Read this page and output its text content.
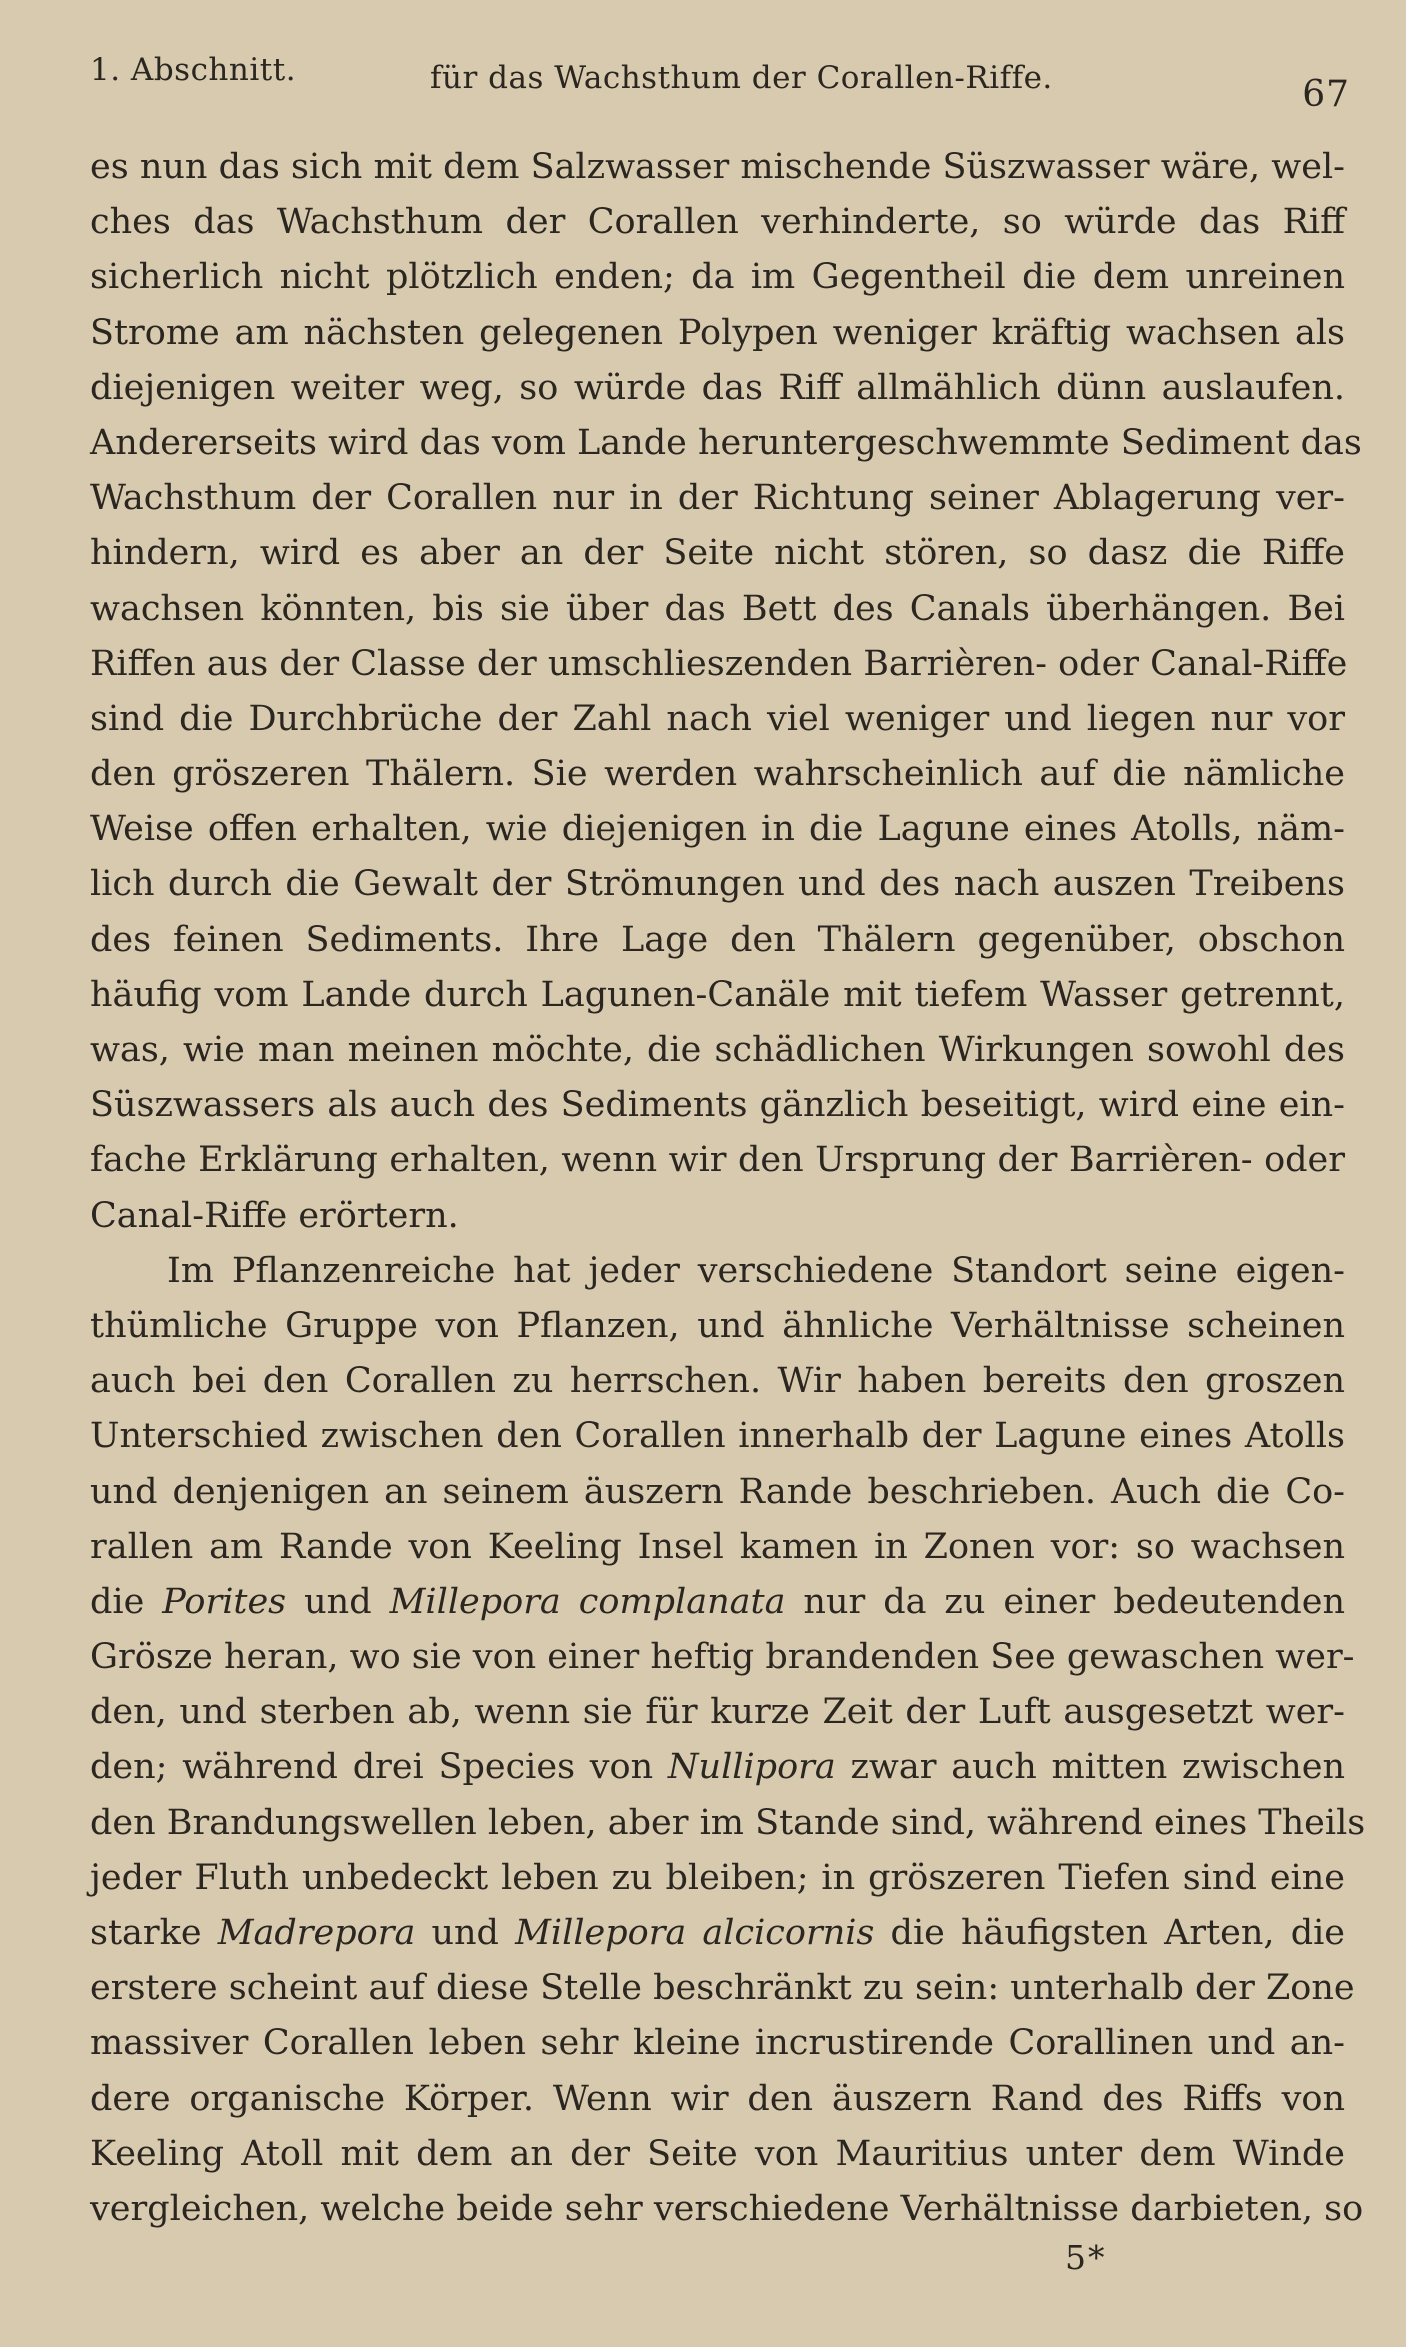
1. Abschnitt.	für das Wachsthum der Corallen-Riffe.	67
es nun das sich mit dem Salzwasser mischende Süszwasser wäre, wel-
ches das Wachsthum der Corallen verhinderte, so würde das Riff
sicherlich nicht plötzlich enden; da im Gegentheil die dem unreinen
Strome am nächsten gelegenen Polypen weniger kräftig wachsen als
diejenigen weiter weg, so würde das Riff allmählich dünn auslaufen.
Andererseits wird das vom Lande heruntergeschwemmte Sediment das
Wachsthum der Corallen nur in der Richtung seiner Ablagerung ver-
hindern, wird es aber an der Seite nicht stören, so dasz die Riffe
wachsen könnten, bis sie über das Bett des Canals überhängen. Bei
Riffen aus der Classe der umschlieszenden Barrièren- oder Canal-Riffe
sind die Durchbrüche der Zahl nach viel weniger und liegen nur vor
den gröszeren Thälern. Sie werden wahrscheinlich auf die nämliche
Weise offen erhalten, wie diejenigen in die Lagune eines Atolls, näm-
lich durch die Gewalt der Strömungen und des nach auszen Treibens
des feinen Sediments. Ihre Lage den Thälern gegenüber, obschon
häufig vom Lande durch Lagunen-Canäle mit tiefem Wasser getrennt,
was, wie man meinen möchte, die schädlichen Wirkungen sowohl des
Süszwassers als auch des Sediments gänzlich beseitigt, wird eine ein-
fache Erklärung erhalten, wenn wir den Ursprung der Barrièren- oder
Canal-Riffe erörtern.
Im Pflanzenreiche hat jeder verschiedene Standort seine eigen-
thümliche Gruppe von Pflanzen, und ähnliche Verhältnisse scheinen
auch bei den Corallen zu herrschen. Wir haben bereits den groszen
Unterschied zwischen den Corallen innerhalb der Lagune eines Atolls
und denjenigen an seinem äuszern Rande beschrieben. Auch die Co-
rallen am Rande von Keeling Insel kamen in Zonen vor: so wachsen
die Porites und Millepora complanata nur da zu einer bedeutenden
Grösze heran, wo sie von einer heftig brandenden See gewaschen wer-
den, und sterben ab, wenn sie für kurze Zeit der Luft ausgesetzt wer-
den; während drei Species von Nullipora zwar auch mitten zwischen
den Brandungswellen leben, aber im Stande sind, während eines Theils
jeder Fluth unbedeckt leben zu bleiben; in gröszeren Tiefen sind eine
starke Madrepora und Millepora alcicornis die häufigsten Arten, die
erstere scheint auf diese Stelle beschränkt zu sein: unterhalb der Zone
massiver Corallen leben sehr kleine incrustirende Corallinen und an-
dere organische Körper. Wenn wir den äuszern Rand des Riffs von
Keeling Atoll mit dem an der Seite von Mauritius unter dem Winde
vergleichen, welche beide sehr verschiedene Verhältnisse darbieten, so
5*
